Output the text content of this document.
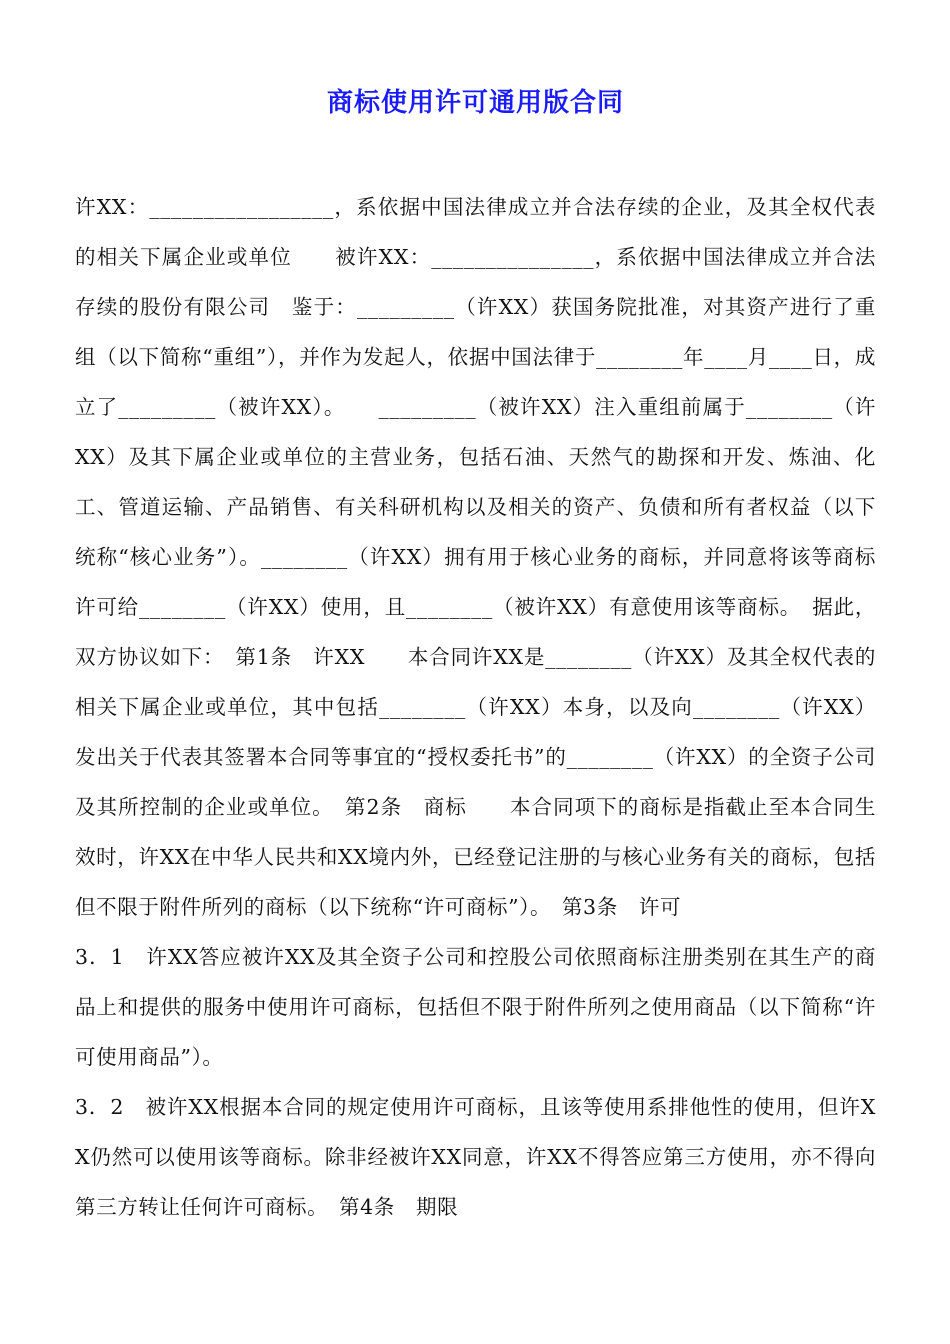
商标使用许可通用版合同

许XX：_________________，系依据中国法律成立并合法存续的企业，及其全权代表的相关下属企业或单位　　被许XX：_______________，系依据中国法律成立并合法存续的股份有限公司　鉴于：_________（许XX）获国务院批准，对其资产进行了重组（以下简称“重组”），并作为发起人，依据中国法律于________年____月____日，成立了_________（被许XX）。　　_________（被许XX）注入重组前属于________（许XX）及其下属企业或单位的主营业务，包括石油、天然气的勘探和开发、炼油、化工、管道运输、产品销售、有关科研机构以及相关的资产、负债和所有者权益（以下统称“核心业务”）。________（许XX）拥有用于核心业务的商标，并同意将该等商标许可给________（许XX）使用，且________（被许XX）有意使用该等商标。　据此，双方协议如下：　第1条　许XX　　本合同许XX是________（许XX）及其全权代表的相关下属企业或单位，其中包括________（许XX）本身，以及向________（许XX）发出关于代表其签署本合同等事宜的“授权委托书”的________（许XX）的全资子公司及其所控制的企业或单位。　第2条　商标　　本合同项下的商标是指截止至本合同生效时，许XX在中华人民共和XX境内外，已经登记注册的与核心业务有关的商标，包括但不限于附件所列的商标（以下统称“许可商标”）。　第3条　许可

3．1　许XX答应被许XX及其全资子公司和控股公司依照商标注册类别在其生产的商品上和提供的服务中使用许可商标，包括但不限于附件所列之使用商品（以下简称“许可使用商品”）。

3．2　被许XX根据本合同的规定使用许可商标，且该等使用系排他性的使用，但许XX仍然可以使用该等商标。除非经被许XX同意，许XX不得答应第三方使用，亦不得向第三方转让任何许可商标。　第4条　期限
